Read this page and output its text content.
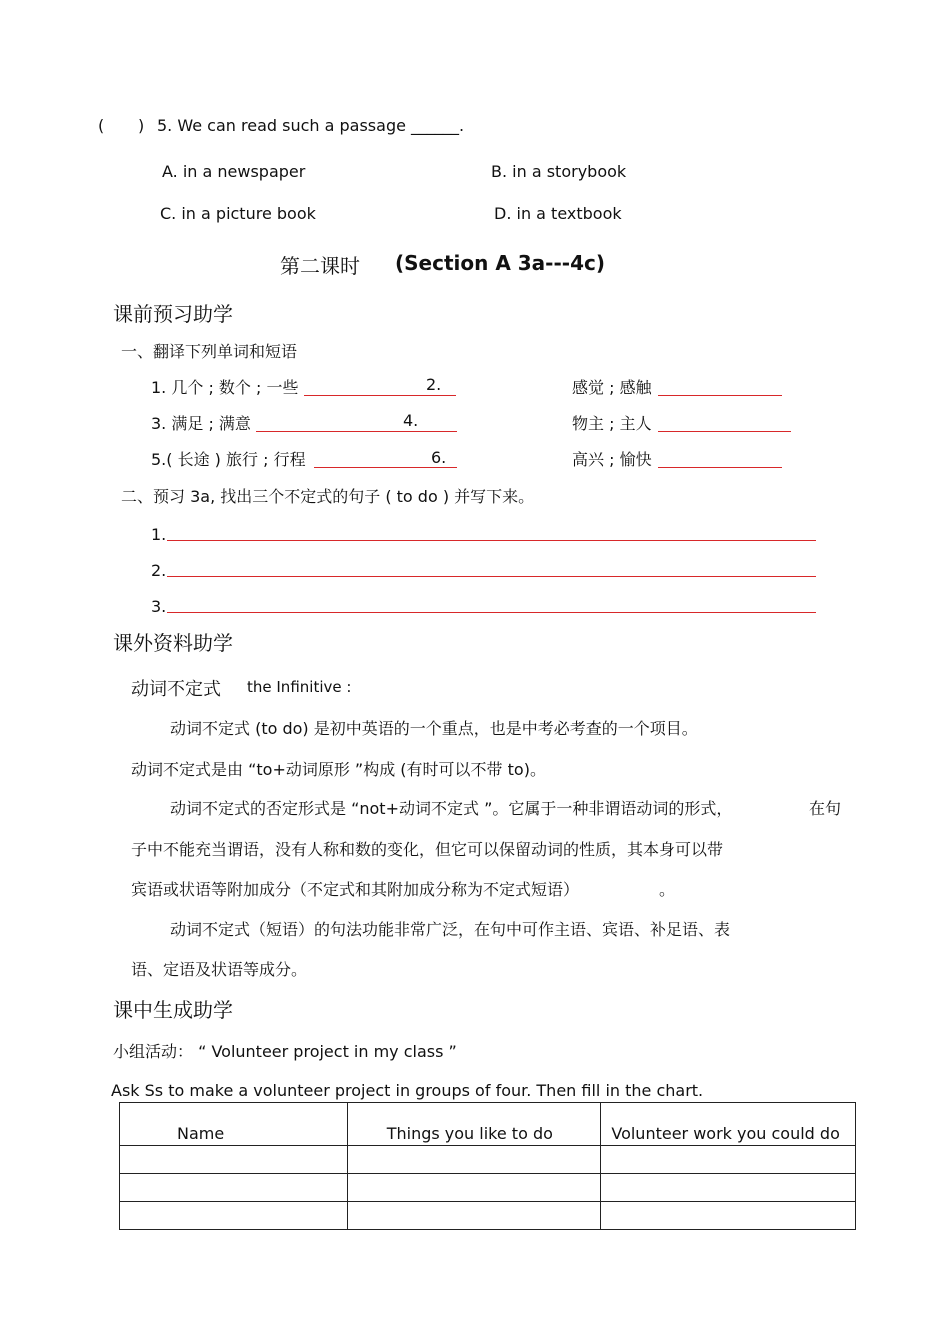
( ) 5. We can read such a passage ______.
A. in a newspaper	B. in a storybook
C. in a picture book	D. in a textbook
第二课时 (Section A 3a---4c)
课前预习助学
一、翻译下列单词和短语
1. 几个 ; 数个 ; 一些	2.	感觉 ; 感触
3. 满足 ; 满意	4.	物主 ; 主人
5.( 长途 ) 旅行 ; 行程	6.	高兴 ; 愉快
二、预习 3a, 找出三个不定式的句子 ( to do ) 并写下来。
1.
2.
3.
课外资料助学
动词不定式 the Infinitive :
动词不定式 (to do) 是初中英语的一个重点，也是中考必考查的一个项目。
动词不定式是由 “to+动词原形 ”构成 (有时可以不带 to)。
动词不定式的否定形式是 “not+动词不定式 ”。它属于一种非谓语动词的形式，	在句
子中不能充当谓语，没有人称和数的变化，但它可以保留动词的性质，其本身可以带
宾语或状语等附加成分（不定式和其附加成分称为不定式短语）	。
动词不定式（短语）的句法功能非常广泛，在句中可作主语、宾语、补足语、表
语、定语及状语等成分。
课中生成助学
小组活动： “ Volunteer project in my class ”
Ask Ss to make a volunteer project in groups of four. Then fill in the chart.
Name	Things you like to do	Volunteer work you could do
